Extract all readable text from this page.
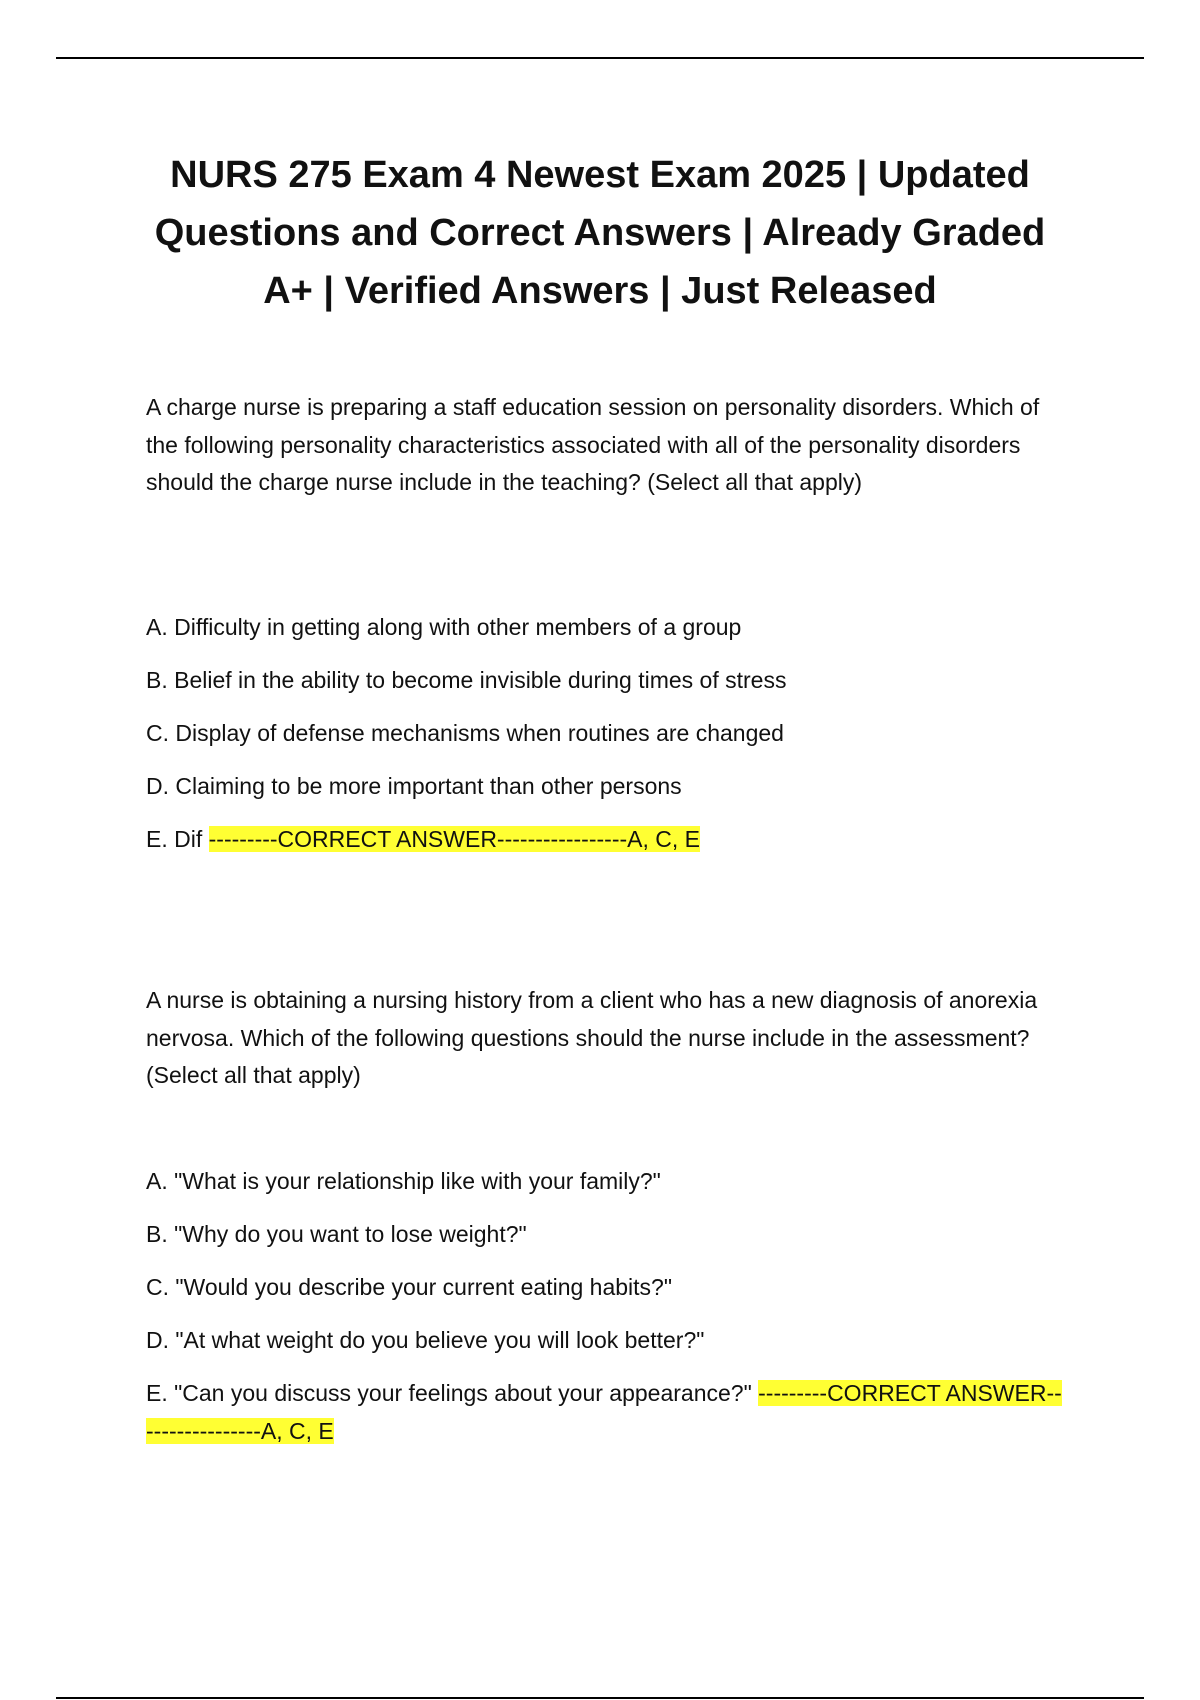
NURS 275 Exam 4 Newest Exam 2025 | Updated Questions and Correct Answers | Already Graded A+ | Verified Answers | Just Released

A charge nurse is preparing a staff education session on personality disorders. Which of the following personality characteristics associated with all of the personality disorders should the charge nurse include in the teaching? (Select all that apply)

A. Difficulty in getting along with other members of a group
B. Belief in the ability to become invisible during times of stress
C. Display of defense mechanisms when routines are changed
D. Claiming to be more important than other persons
E. Dif ---------CORRECT ANSWER-----------------A, C, E

A nurse is obtaining a nursing history from a client who has a new diagnosis of anorexia nervosa. Which of the following questions should the nurse include in the assessment? (Select all that apply)

A. "What is your relationship like with your family?"
B. "Why do you want to lose weight?"
C. "Would you describe your current eating habits?"
D. "At what weight do you believe you will look better?"
E. "Can you discuss your feelings about your appearance?" ---------CORRECT ANSWER-----------------A, C, E
